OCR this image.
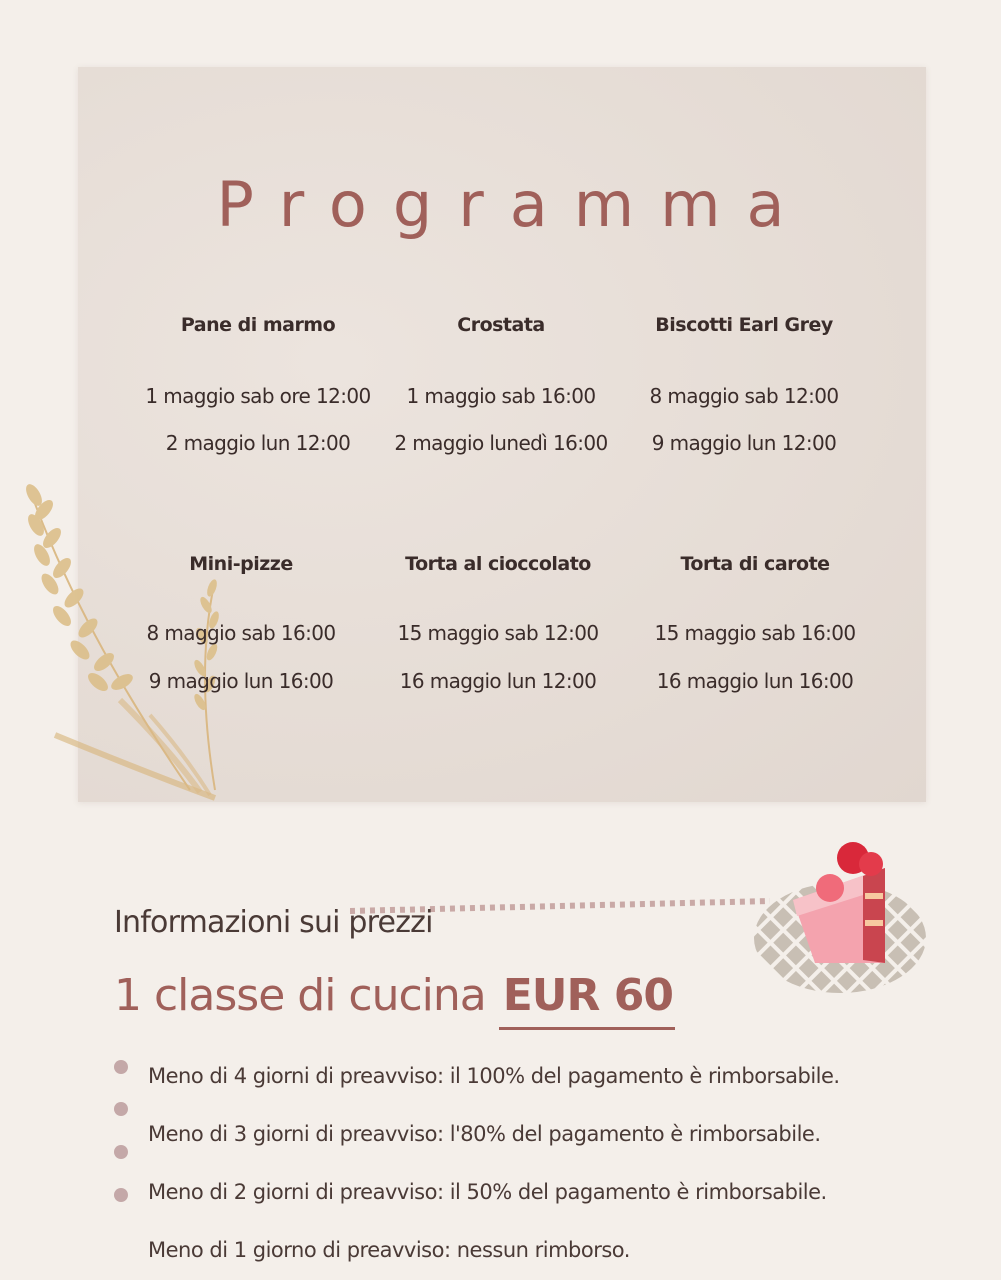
Programma
Pane di marmo
1 maggio sab ore 12:00
2 maggio lun 12:00
Crostata
1 maggio sab 16:00
2 maggio lunedì 16:00
Biscotti Earl Grey
8 maggio sab 12:00
9 maggio lun 12:00
Mini-pizze
8 maggio sab 16:00
9 maggio lun 16:00
Torta al cioccolato
15 maggio sab 12:00
16 maggio lun 12:00
Torta di carote
15 maggio sab 16:00
16 maggio lun 16:00
Informazioni sui prezzi
1 classe di cucina EUR 60
Meno di 4 giorni di preavviso: il 100% del pagamento è rimborsabile.
Meno di 3 giorni di preavviso: l'80% del pagamento è rimborsabile.
Meno di 2 giorni di preavviso: il 50% del pagamento è rimborsabile.
Meno di 1 giorno di preavviso: nessun rimborso.
